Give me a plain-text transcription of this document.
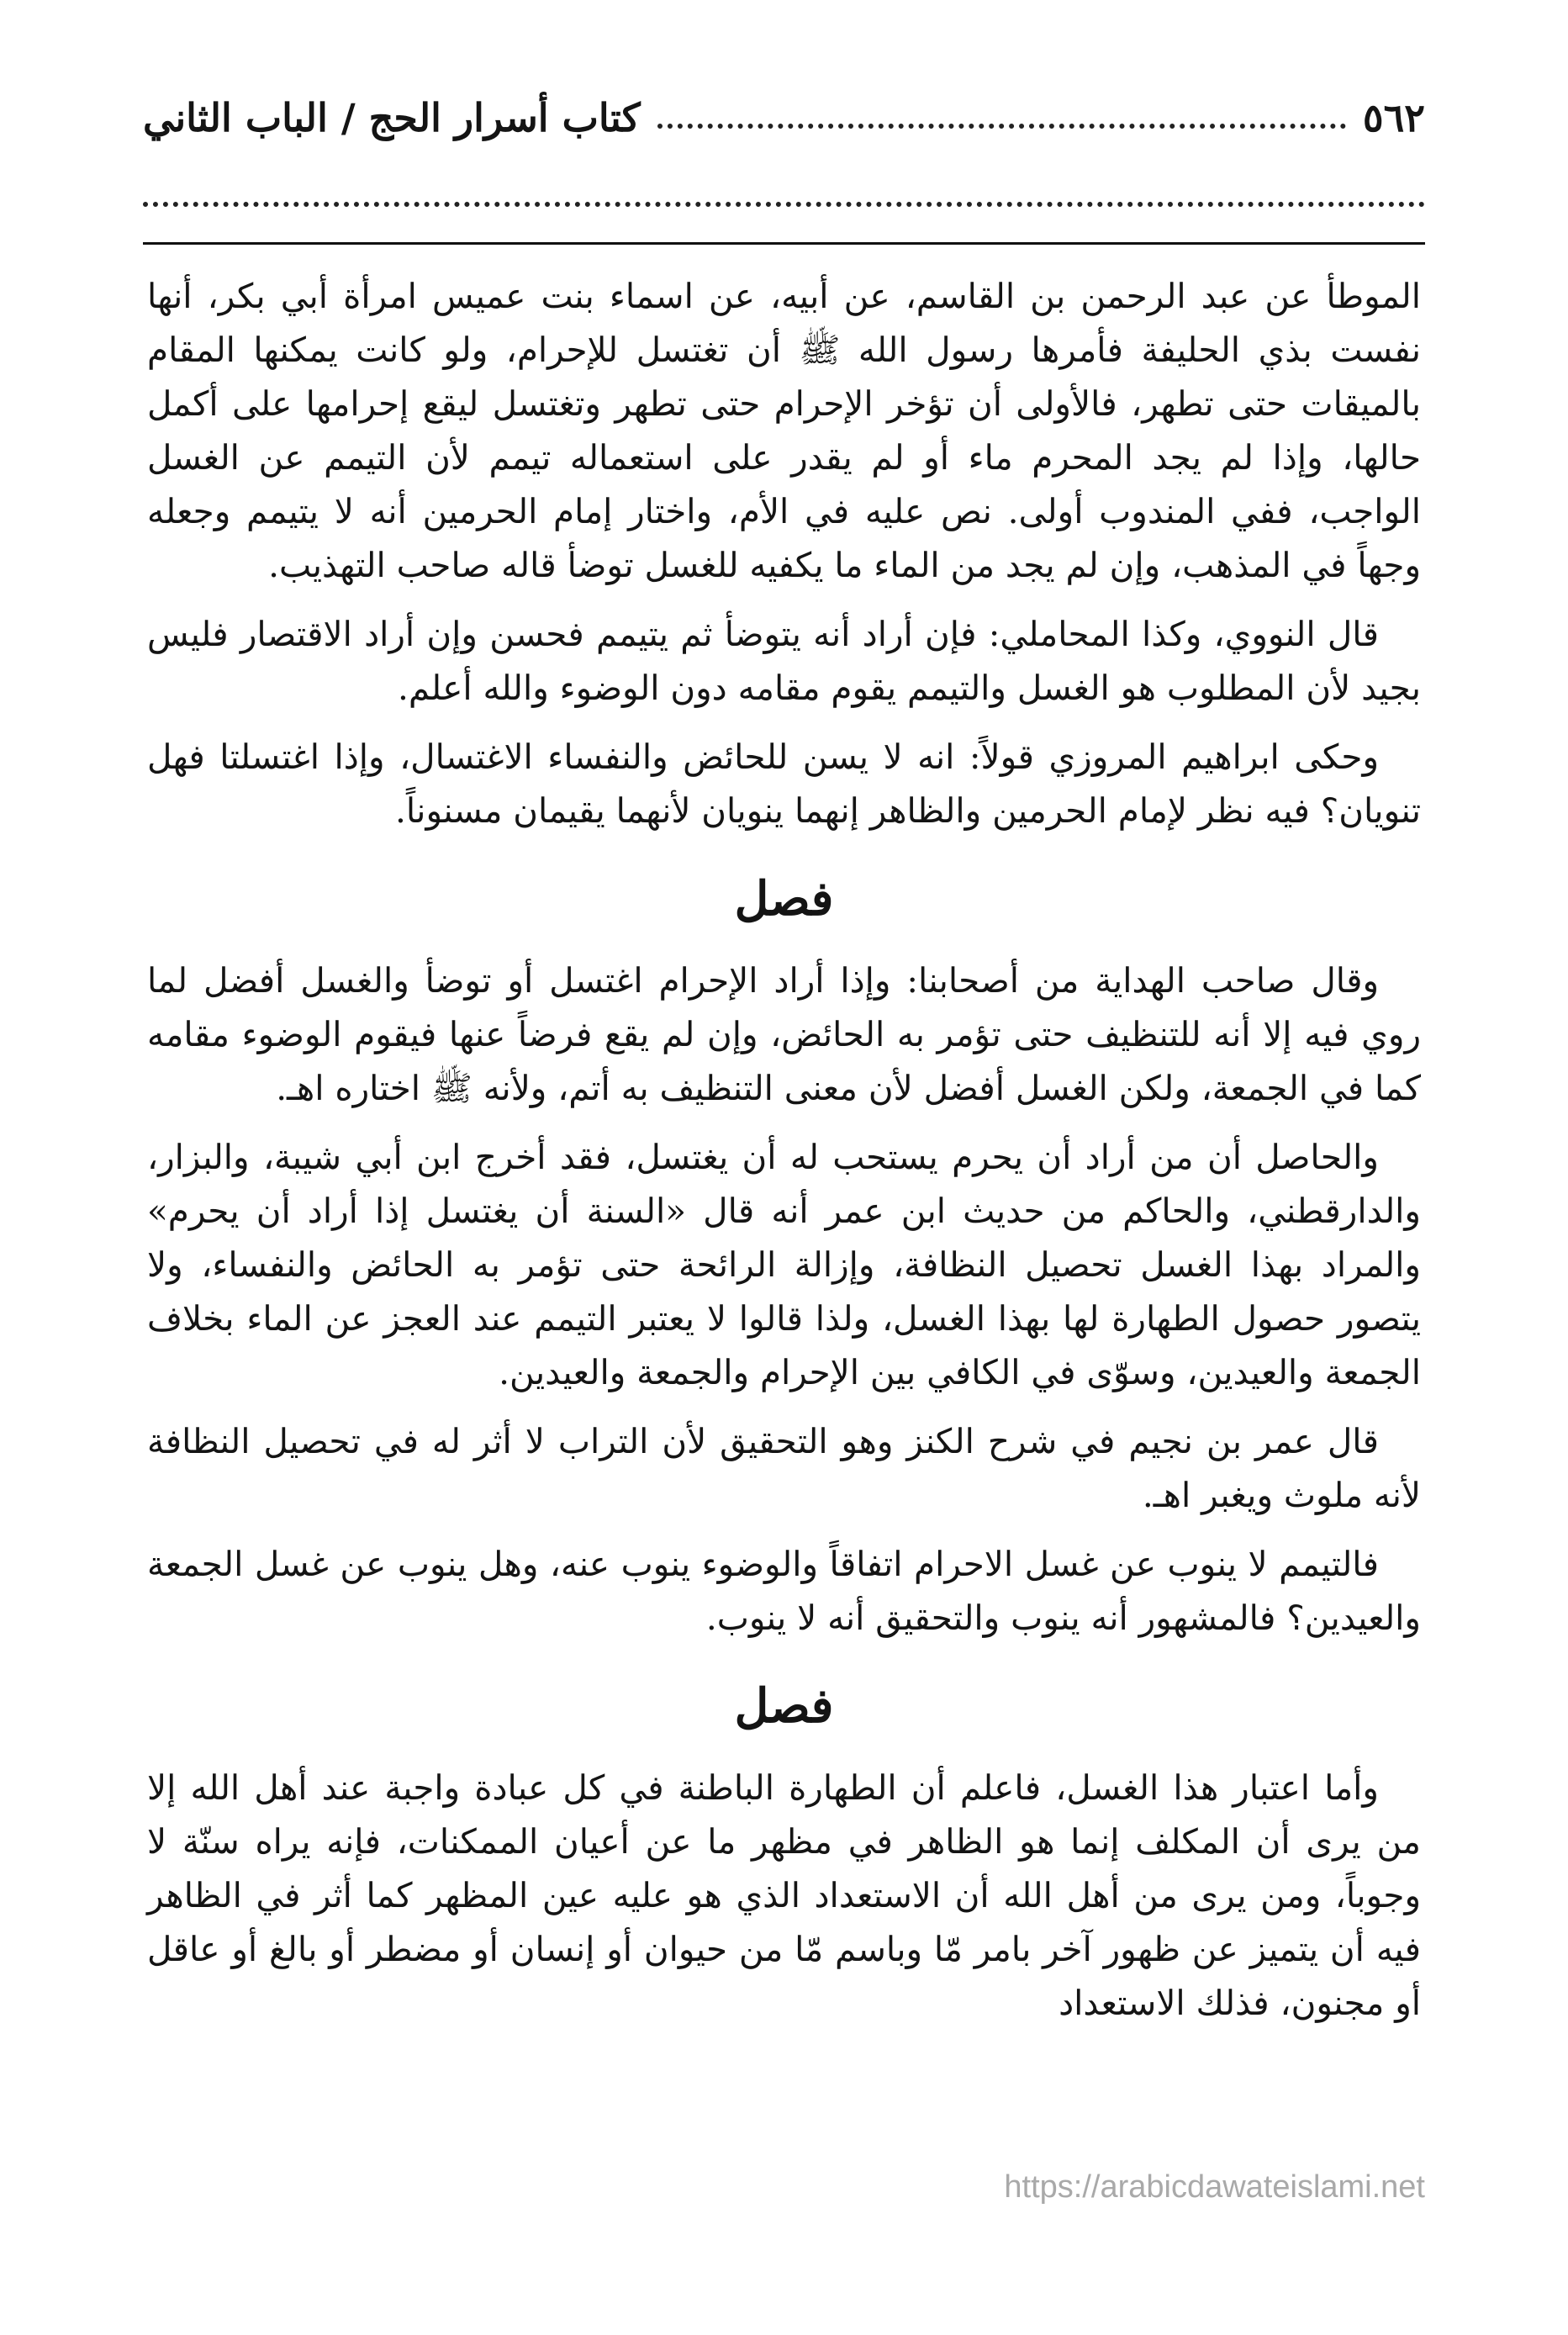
٥٦٢
كتاب أسرار الحج / الباب الثاني

الموطأ عن عبد الرحمن بن القاسم، عن أبيه، عن اسماء بنت عميس امرأة أبي بكر، أنها نفست بذي الحليفة فأمرها رسول الله ﷺ أن تغتسل للإحرام، ولو كانت يمكنها المقام بالميقات حتى تطهر، فالأولى أن تؤخر الإحرام حتى تطهر وتغتسل ليقع إحرامها على أكمل حالها، وإذا لم يجد المحرم ماء أو لم يقدر على استعماله تيمم لأن التيمم عن الغسل الواجب، ففي المندوب أولى. نص عليه في الأم، واختار إمام الحرمين أنه لا يتيمم وجعله وجهاً في المذهب، وإن لم يجد من الماء ما يكفيه للغسل توضأ قاله صاحب التهذيب.

قال النووي، وكذا المحاملي: فإن أراد أنه يتوضأ ثم يتيمم فحسن وإن أراد الاقتصار فليس بجيد لأن المطلوب هو الغسل والتيمم يقوم مقامه دون الوضوء والله أعلم.

وحكى ابراهيم المروزي قولاً: انه لا يسن للحائض والنفساء الاغتسال، وإذا اغتسلتا فهل تنويان؟ فيه نظر لإمام الحرمين والظاهر إنهما ينويان لأنهما يقيمان مسنوناً.

فصل

وقال صاحب الهداية من أصحابنا: وإذا أراد الإحرام اغتسل أو توضأ والغسل أفضل لما روي فيه إلا أنه للتنظيف حتى تؤمر به الحائض، وإن لم يقع فرضاً عنها فيقوم الوضوء مقامه كما في الجمعة، ولكن الغسل أفضل لأن معنى التنظيف به أتم، ولأنه ﷺ اختاره اهـ.

والحاصل أن من أراد أن يحرم يستحب له أن يغتسل، فقد أخرج ابن أبي شيبة، والبزار، والدارقطني، والحاكم من حديث ابن عمر أنه قال «السنة أن يغتسل إذا أراد أن يحرم» والمراد بهذا الغسل تحصيل النظافة، وإزالة الرائحة حتى تؤمر به الحائض والنفساء، ولا يتصور حصول الطهارة لها بهذا الغسل، ولذا قالوا لا يعتبر التيمم عند العجز عن الماء بخلاف الجمعة والعيدين، وسوّى في الكافي بين الإحرام والجمعة والعيدين.

قال عمر بن نجيم في شرح الكنز وهو التحقيق لأن التراب لا أثر له في تحصيل النظافة لأنه ملوث ويغبر اهـ.

فالتيمم لا ينوب عن غسل الاحرام اتفاقاً والوضوء ينوب عنه، وهل ينوب عن غسل الجمعة والعيدين؟ فالمشهور أنه ينوب والتحقيق أنه لا ينوب.

فصل

وأما اعتبار هذا الغسل، فاعلم أن الطهارة الباطنة في كل عبادة واجبة عند أهل الله إلا من يرى أن المكلف إنما هو الظاهر في مظهر ما عن أعيان الممكنات، فإنه يراه سنّة لا وجوباً، ومن يرى من أهل الله أن الاستعداد الذي هو عليه عين المظهر كما أثر في الظاهر فيه أن يتميز عن ظهور آخر بامر مّا وباسم مّا من حيوان أو إنسان أو مضطر أو بالغ أو عاقل أو مجنون، فذلك الاستعداد

https://arabicdawateislami.net
